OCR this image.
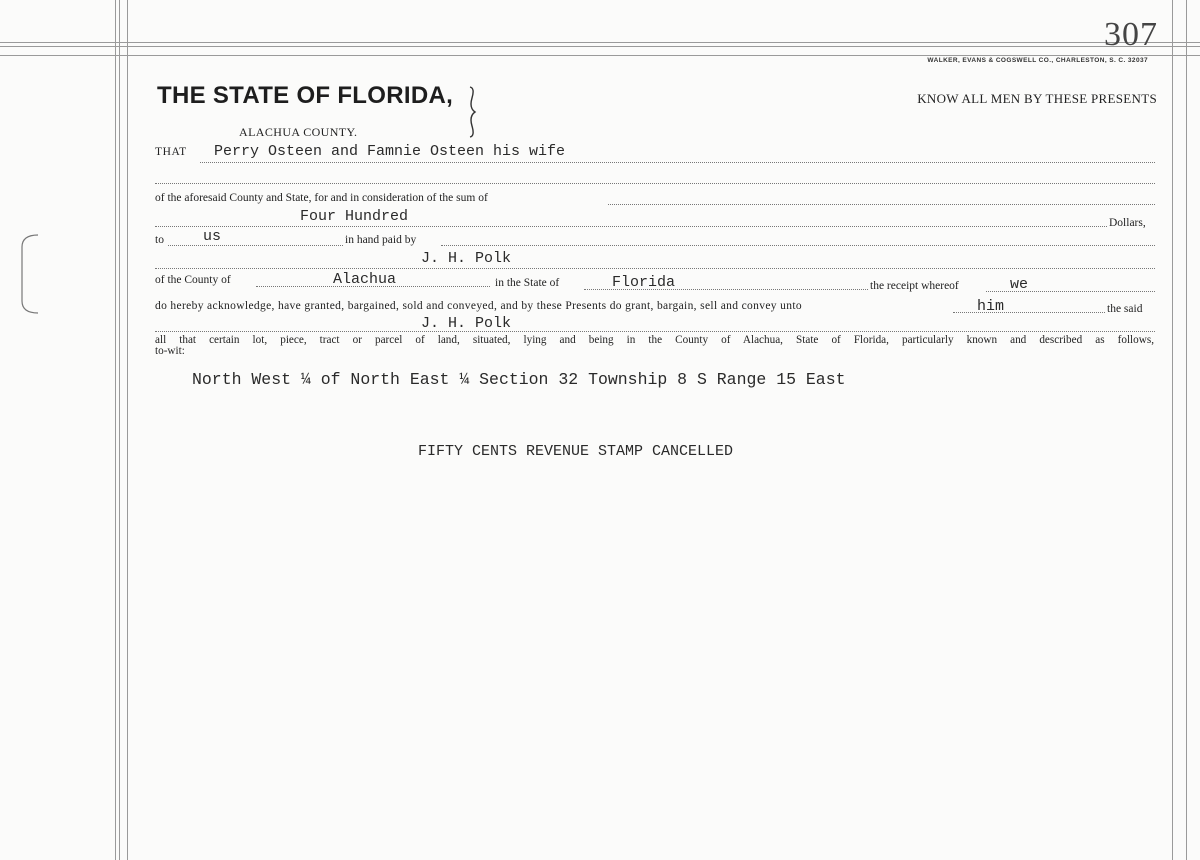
307
WALKER, EVANS & COGSWELL CO., CHARLESTON, S. C. 32037
THE STATE OF FLORIDA,	KNOW ALL MEN BY THESE PRESENTS
ALACHUA COUNTY.
THAT Perry Osteen and Famnie Osteen his wife
of the aforesaid County and State, for and in consideration of the sum of
Four Hundred	Dollars,
to	us	in hand paid by
J. H. Polk
of the County of	Alachua	in the State of	Florida	the receipt whereof	we
do hereby acknowledge, have granted, bargained, sold and conveyed, and by these Presents do grant, bargain, sell and convey unto	him	the said
J. H. Polk
all that certain lot, piece, tract or parcel of land, situated, lying and being in the County of Alachua, State of Florida, particularly known and described as follows,
to-wit:
North West ¼ of North East ¼ Section 32 Township 8 S Range 15 East
FIFTY CENTS REVENUE STAMP CANCELLED
